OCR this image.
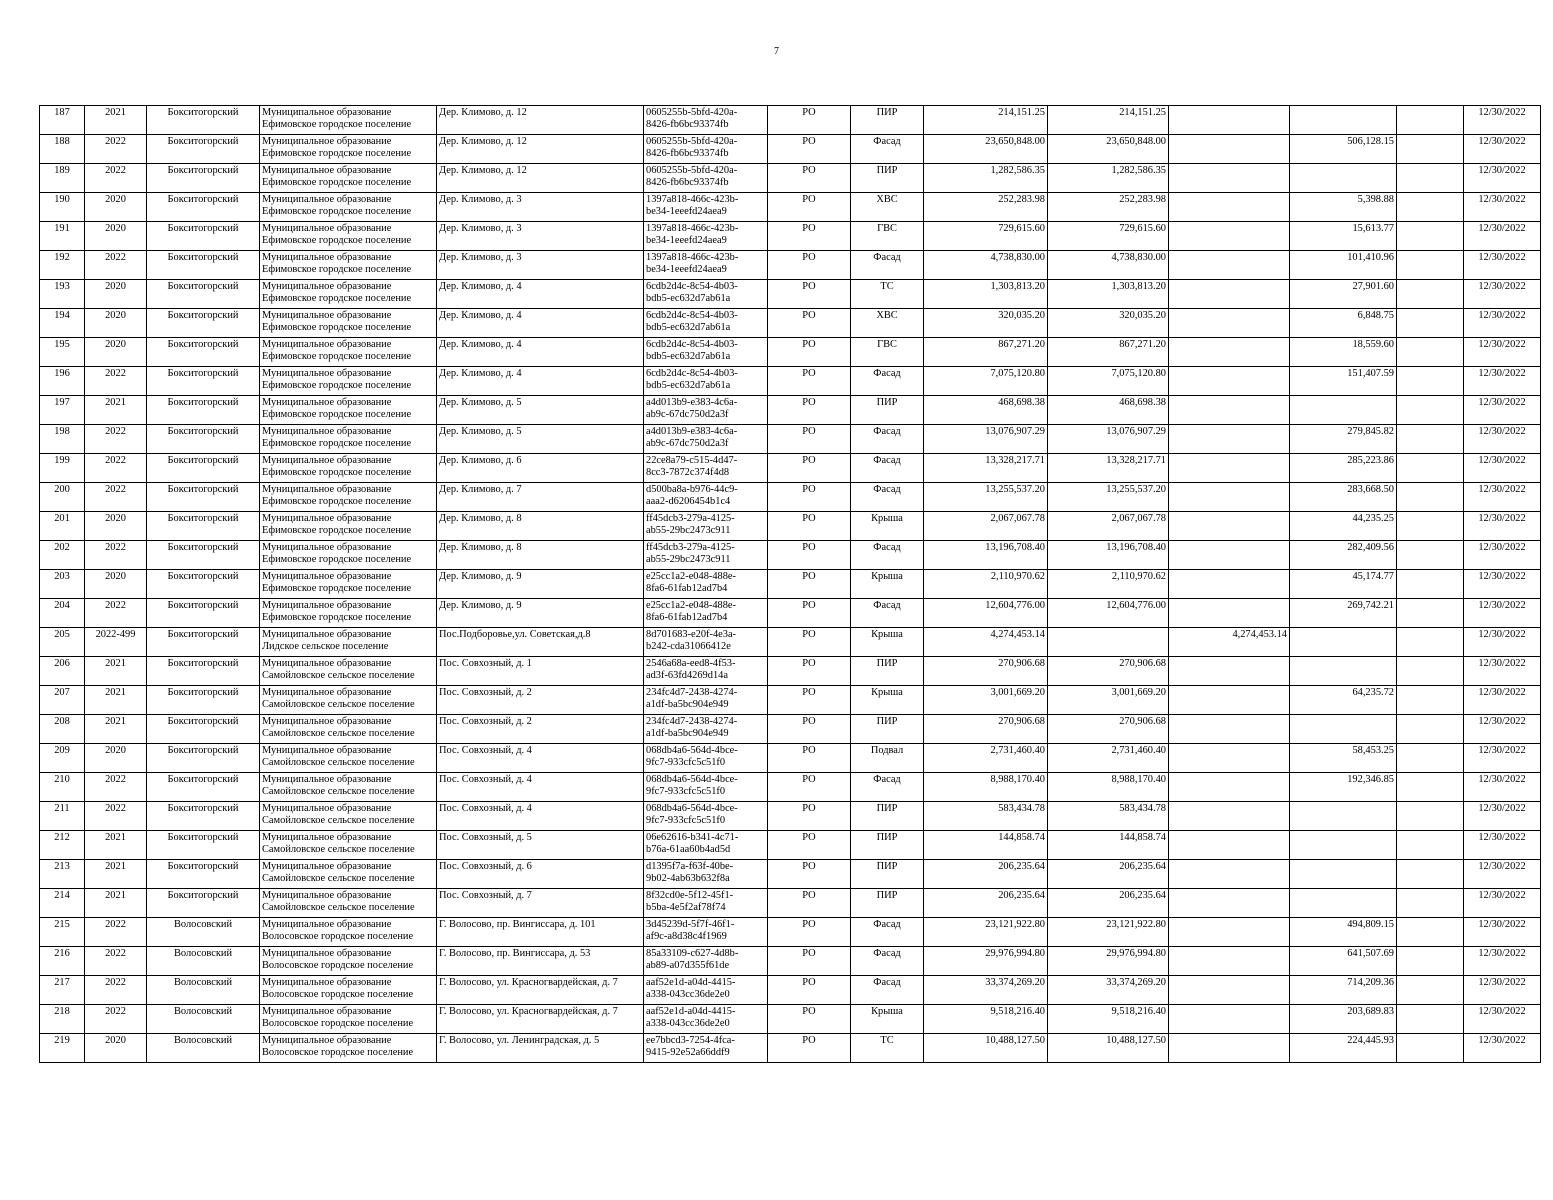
7
187	2021	Бокситогорский	Муниципальное образование
Ефимовское городское поселение	Дер. Климово, д. 12	0605255b-5bfd-420a-
8426-fb6bc93374fb	РО	ПИР	214,151.25	214,151.25				12/30/2022
188	2022	Бокситогорский	Муниципальное образование
Ефимовское городское поселение	Дер. Климово, д. 12	0605255b-5bfd-420a-
8426-fb6bc93374fb	РО	Фасад	23,650,848.00	23,650,848.00		506,128.15		12/30/2022
189	2022	Бокситогорский	Муниципальное образование
Ефимовское городское поселение	Дер. Климово, д. 12	0605255b-5bfd-420a-
8426-fb6bc93374fb	РО	ПИР	1,282,586.35	1,282,586.35				12/30/2022
190	2020	Бокситогорский	Муниципальное образование
Ефимовское городское поселение	Дер. Климово, д. 3	1397a818-466c-423b-
be34-1eeefd24aea9	РО	ХВС	252,283.98	252,283.98		5,398.88		12/30/2022
191	2020	Бокситогорский	Муниципальное образование
Ефимовское городское поселение	Дер. Климово, д. 3	1397a818-466c-423b-
be34-1eeefd24aea9	РО	ГВС	729,615.60	729,615.60		15,613.77		12/30/2022
192	2022	Бокситогорский	Муниципальное образование
Ефимовское городское поселение	Дер. Климово, д. 3	1397a818-466c-423b-
be34-1eeefd24aea9	РО	Фасад	4,738,830.00	4,738,830.00		101,410.96		12/30/2022
193	2020	Бокситогорский	Муниципальное образование
Ефимовское городское поселение	Дер. Климово, д. 4	6cdb2d4c-8c54-4b03-
bdb5-ec632d7ab61a	РО	ТС	1,303,813.20	1,303,813.20		27,901.60		12/30/2022
194	2020	Бокситогорский	Муниципальное образование
Ефимовское городское поселение	Дер. Климово, д. 4	6cdb2d4c-8c54-4b03-
bdb5-ec632d7ab61a	РО	ХВС	320,035.20	320,035.20		6,848.75		12/30/2022
195	2020	Бокситогорский	Муниципальное образование
Ефимовское городское поселение	Дер. Климово, д. 4	6cdb2d4c-8c54-4b03-
bdb5-ec632d7ab61a	РО	ГВС	867,271.20	867,271.20		18,559.60		12/30/2022
196	2022	Бокситогорский	Муниципальное образование
Ефимовское городское поселение	Дер. Климово, д. 4	6cdb2d4c-8c54-4b03-
bdb5-ec632d7ab61a	РО	Фасад	7,075,120.80	7,075,120.80		151,407.59		12/30/2022
197	2021	Бокситогорский	Муниципальное образование
Ефимовское городское поселение	Дер. Климово, д. 5	a4d013b9-e383-4c6a-
ab9c-67dc750d2a3f	РО	ПИР	468,698.38	468,698.38				12/30/2022
198	2022	Бокситогорский	Муниципальное образование
Ефимовское городское поселение	Дер. Климово, д. 5	a4d013b9-e383-4c6a-
ab9c-67dc750d2a3f	РО	Фасад	13,076,907.29	13,076,907.29		279,845.82		12/30/2022
199	2022	Бокситогорский	Муниципальное образование
Ефимовское городское поселение	Дер. Климово, д. 6	22ce8a79-c515-4d47-
8cc3-7872c374f4d8	РО	Фасад	13,328,217.71	13,328,217.71		285,223.86		12/30/2022
200	2022	Бокситогорский	Муниципальное образование
Ефимовское городское поселение	Дер. Климово, д. 7	d500ba8a-b976-44c9-
aaa2-d6206454b1c4	РО	Фасад	13,255,537.20	13,255,537.20		283,668.50		12/30/2022
201	2020	Бокситогорский	Муниципальное образование
Ефимовское городское поселение	Дер. Климово, д. 8	ff45dcb3-279a-4125-
ab55-29bc2473c911	РО	Крыша	2,067,067.78	2,067,067.78		44,235.25		12/30/2022
202	2022	Бокситогорский	Муниципальное образование
Ефимовское городское поселение	Дер. Климово, д. 8	ff45dcb3-279a-4125-
ab55-29bc2473c911	РО	Фасад	13,196,708.40	13,196,708.40		282,409.56		12/30/2022
203	2020	Бокситогорский	Муниципальное образование
Ефимовское городское поселение	Дер. Климово, д. 9	e25cc1a2-e048-488e-
8fa6-61fab12ad7b4	РО	Крыша	2,110,970.62	2,110,970.62		45,174.77		12/30/2022
204	2022	Бокситогорский	Муниципальное образование
Ефимовское городское поселение	Дер. Климово, д. 9	e25cc1a2-e048-488e-
8fa6-61fab12ad7b4	РО	Фасад	12,604,776.00	12,604,776.00		269,742.21		12/30/2022
205	2022-499	Бокситогорский	Муниципальное образование
Лидское сельское поселение	Пос.Подборовье,ул. Советская,д.8	8d701683-e20f-4e3a-
b242-cda31066412e	РО	Крыша	4,274,453.14		4,274,453.14			12/30/2022
206	2021	Бокситогорский	Муниципальное образование
Самойловское сельское поселение	Пос. Совхозный, д. 1	2546a68a-eed8-4f53-
ad3f-63fd4269d14a	РО	ПИР	270,906.68	270,906.68				12/30/2022
207	2021	Бокситогорский	Муниципальное образование
Самойловское сельское поселение	Пос. Совхозный, д. 2	234fc4d7-2438-4274-
a1df-ba5bc904e949	РО	Крыша	3,001,669.20	3,001,669.20		64,235.72		12/30/2022
208	2021	Бокситогорский	Муниципальное образование
Самойловское сельское поселение	Пос. Совхозный, д. 2	234fc4d7-2438-4274-
a1df-ba5bc904e949	РО	ПИР	270,906.68	270,906.68				12/30/2022
209	2020	Бокситогорский	Муниципальное образование
Самойловское сельское поселение	Пос. Совхозный, д. 4	068db4a6-564d-4bce-
9fc7-933cfc5c51f0	РО	Подвал	2,731,460.40	2,731,460.40		58,453.25		12/30/2022
210	2022	Бокситогорский	Муниципальное образование
Самойловское сельское поселение	Пос. Совхозный, д. 4	068db4a6-564d-4bce-
9fc7-933cfc5c51f0	РО	Фасад	8,988,170.40	8,988,170.40		192,346.85		12/30/2022
211	2022	Бокситогорский	Муниципальное образование
Самойловское сельское поселение	Пос. Совхозный, д. 4	068db4a6-564d-4bce-
9fc7-933cfc5c51f0	РО	ПИР	583,434.78	583,434.78				12/30/2022
212	2021	Бокситогорский	Муниципальное образование
Самойловское сельское поселение	Пос. Совхозный, д. 5	06e62616-b341-4c71-
b76a-61aa60b4ad5d	РО	ПИР	144,858.74	144,858.74				12/30/2022
213	2021	Бокситогорский	Муниципальное образование
Самойловское сельское поселение	Пос. Совхозный, д. 6	d1395f7a-f63f-40be-
9b02-4ab63b632f8a	РО	ПИР	206,235.64	206,235.64				12/30/2022
214	2021	Бокситогорский	Муниципальное образование
Самойловское сельское поселение	Пос. Совхозный, д. 7	8f32cd0e-5f12-45f1-
b5ba-4e5f2af78f74	РО	ПИР	206,235.64	206,235.64				12/30/2022
215	2022	Волосовский	Муниципальное образование
Волосовское городское поселение	Г. Волосово, пр. Вингиссара, д. 101	3d45239d-5f7f-46f1-
af9c-a8d38c4f1969	РО	Фасад	23,121,922.80	23,121,922.80		494,809.15		12/30/2022
216	2022	Волосовский	Муниципальное образование
Волосовское городское поселение	Г. Волосово, пр. Вингиссара, д. 53	85a33109-c627-4d8b-
ab89-a07d355f61de	РО	Фасад	29,976,994.80	29,976,994.80		641,507.69		12/30/2022
217	2022	Волосовский	Муниципальное образование
Волосовское городское поселение	Г. Волосово, ул. Красногвардейская, д. 7	aaf52e1d-a04d-4415-
a338-043cc36de2e0	РО	Фасад	33,374,269.20	33,374,269.20		714,209.36		12/30/2022
218	2022	Волосовский	Муниципальное образование
Волосовское городское поселение	Г. Волосово, ул. Красногвардейская, д. 7	aaf52e1d-a04d-4415-
a338-043cc36de2e0	РО	Крыша	9,518,216.40	9,518,216.40		203,689.83		12/30/2022
219	2020	Волосовский	Муниципальное образование
Волосовское городское поселение	Г. Волосово, ул. Ленинградская, д. 5	ee7bbcd3-7254-4fca-
9415-92e52a66ddf9	РО	ТС	10,488,127.50	10,488,127.50		224,445.93		12/30/2022
